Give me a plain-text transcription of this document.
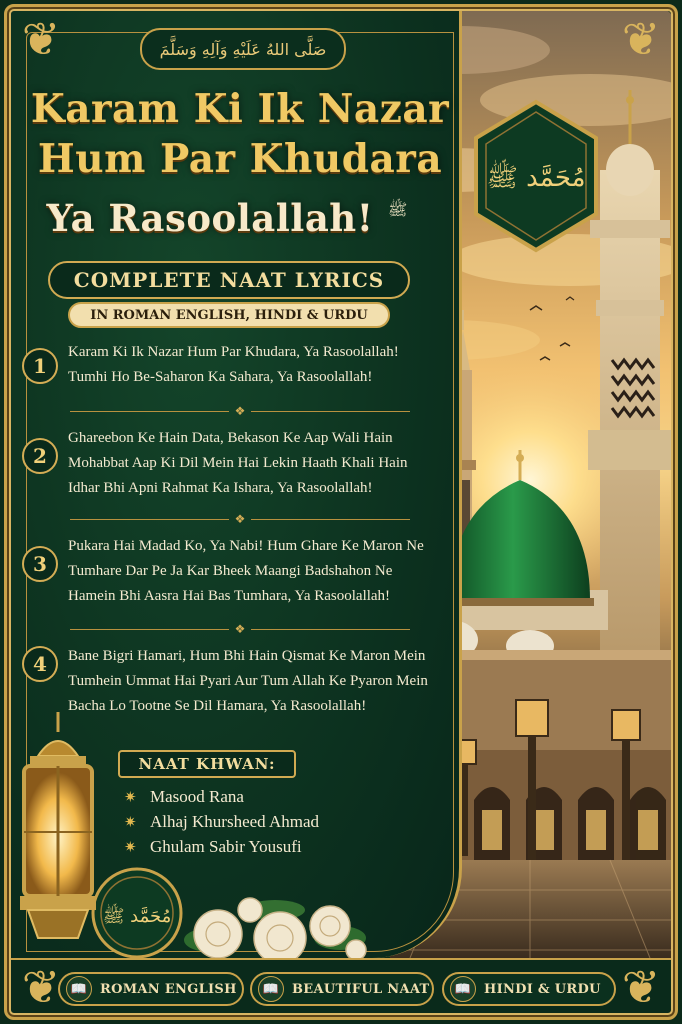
❦	❦
❦	❦
صَلَّى اللهُ عَلَيْهِ وَآلِهِ وَسَلَّمَ
Karam Ki Ik Nazar
Hum Par Khudara
Ya Rasoolallah! ﷺ
COMPLETE NAAT LYRICS
IN ROMAN ENGLISH, HINDI & URDU
مُحَمَّد ﷺ
1
Karam Ki Ik Nazar Hum Par Khudara, Ya Rasoolallah!
Tumhi Ho Be-Saharon Ka Sahara, Ya Rasoolallah!
❖
2
Ghareebon Ke Hain Data, Bekason Ke Aap Wali Hain
Mohabbat Aap Ki Dil Mein Hai Lekin Haath Khali Hain
Idhar Bhi Apni Rahmat Ka Ishara, Ya Rasoolallah!
❖
3
Pukara Hai Madad Ko, Ya Nabi! Hum Ghare Ke Maron Ne
Tumhare Dar Pe Ja Kar Bheek Maangi Badshahon Ne
Hamein Bhi Aasra Hai Bas Tumhara, Ya Rasoolallah!
❖
4 Bane Bigri Hamari, Hum Bhi Hain Qismat Ke Maron Mein
Tumhein Ummat Hai Pyari Aur Tum Allah Ke Pyaron Mein
Bacha Lo Tootne Se Dil Hamara, Ya Rasoolallah!
NAAT KHWAN:
✷ Masood Rana
✷ Alhaj Khursheed Ahmad
✷ Ghulam Sabir Yousufi
مُحَمَّد ﷺ
📖 ROMAN ENGLISH	📖 BEAUTIFUL NAAT	📖 HINDI & URDU
